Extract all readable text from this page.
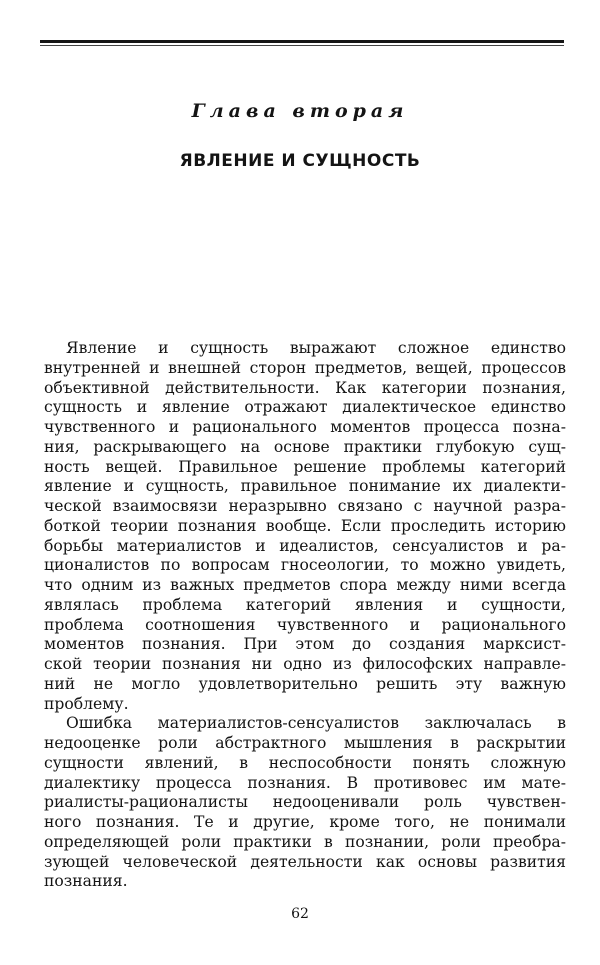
Глава вторая
ЯВЛЕНИЕ И СУЩНОСТЬ
Явление и сущность выражают сложное единство
внутренней и внешней сторон предметов, вещей, процессов
объективной действительности. Как категории познания,
сущность и явление отражают диалектическое единство
чувственного и рационального моментов процесса позна-
ния, раскрывающего на основе практики глубокую сущ-
ность вещей. Правильное решение проблемы категорий
явление и сущность, правильное понимание их диалекти-
ческой взаимосвязи неразрывно связано с научной разра-
боткой теории познания вообще. Если проследить историю
борьбы материалистов и идеалистов, сенсуалистов и ра-
ционалистов по вопросам гносеологии, то можно увидеть,
что одним из важных предметов спора между ними всегда
являлась проблема категорий явления и сущности,
проблема соотношения чувственного и рационального
моментов познания. При этом до создания марксист-
ской теории познания ни одно из философских направле-
ний не могло удовлетворительно решить эту важную
проблему.
Ошибка материалистов-сенсуалистов заключалась в
недооценке роли абстрактного мышления в раскрытии
сущности явлений, в неспособности понять сложную
диалектику процесса познания. В противовес им мате-
риалисты-рационалисты недооценивали роль чувствен-
ного познания. Те и другие, кроме того, не понимали
определяющей роли практики в познании, роли преобра-
зующей человеческой деятельности как основы развития
познания.
62
